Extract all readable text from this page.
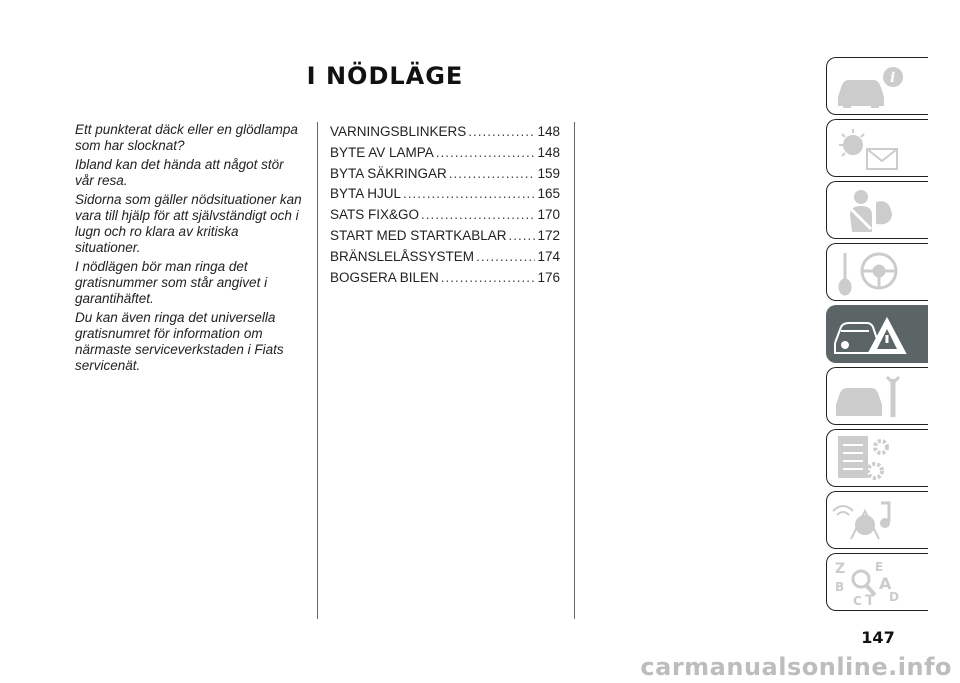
I NÖDLÄGE

Ett punkterat däck eller en glödlampa som har slocknat?

Ibland kan det hända att något stör vår resa.

Sidorna som gäller nödsituationer kan vara till hjälp för att självständigt och i lugn och ro klara av kritiska situationer.

I nödlägen bör man ringa det gratisnummer som står angivet i garantihäftet.

Du kan även ringa det universella gratisnumret för information om närmaste serviceverkstaden i Fiats servicenät.

VARNINGSBLINKERS .....	148
BYTE AV LAMPA .....	148
BYTA SÄKRINGAR .....	159
BYTA HJUL .....	165
SATS FIX&GO .....	170
START MED STARTKABLAR ..... 172
BRÄNSLELÅSSYSTEM .....	174
BOGSERA BILEN .....	176
i
Z E
B A
C T D
147
carmanualsonline.info
